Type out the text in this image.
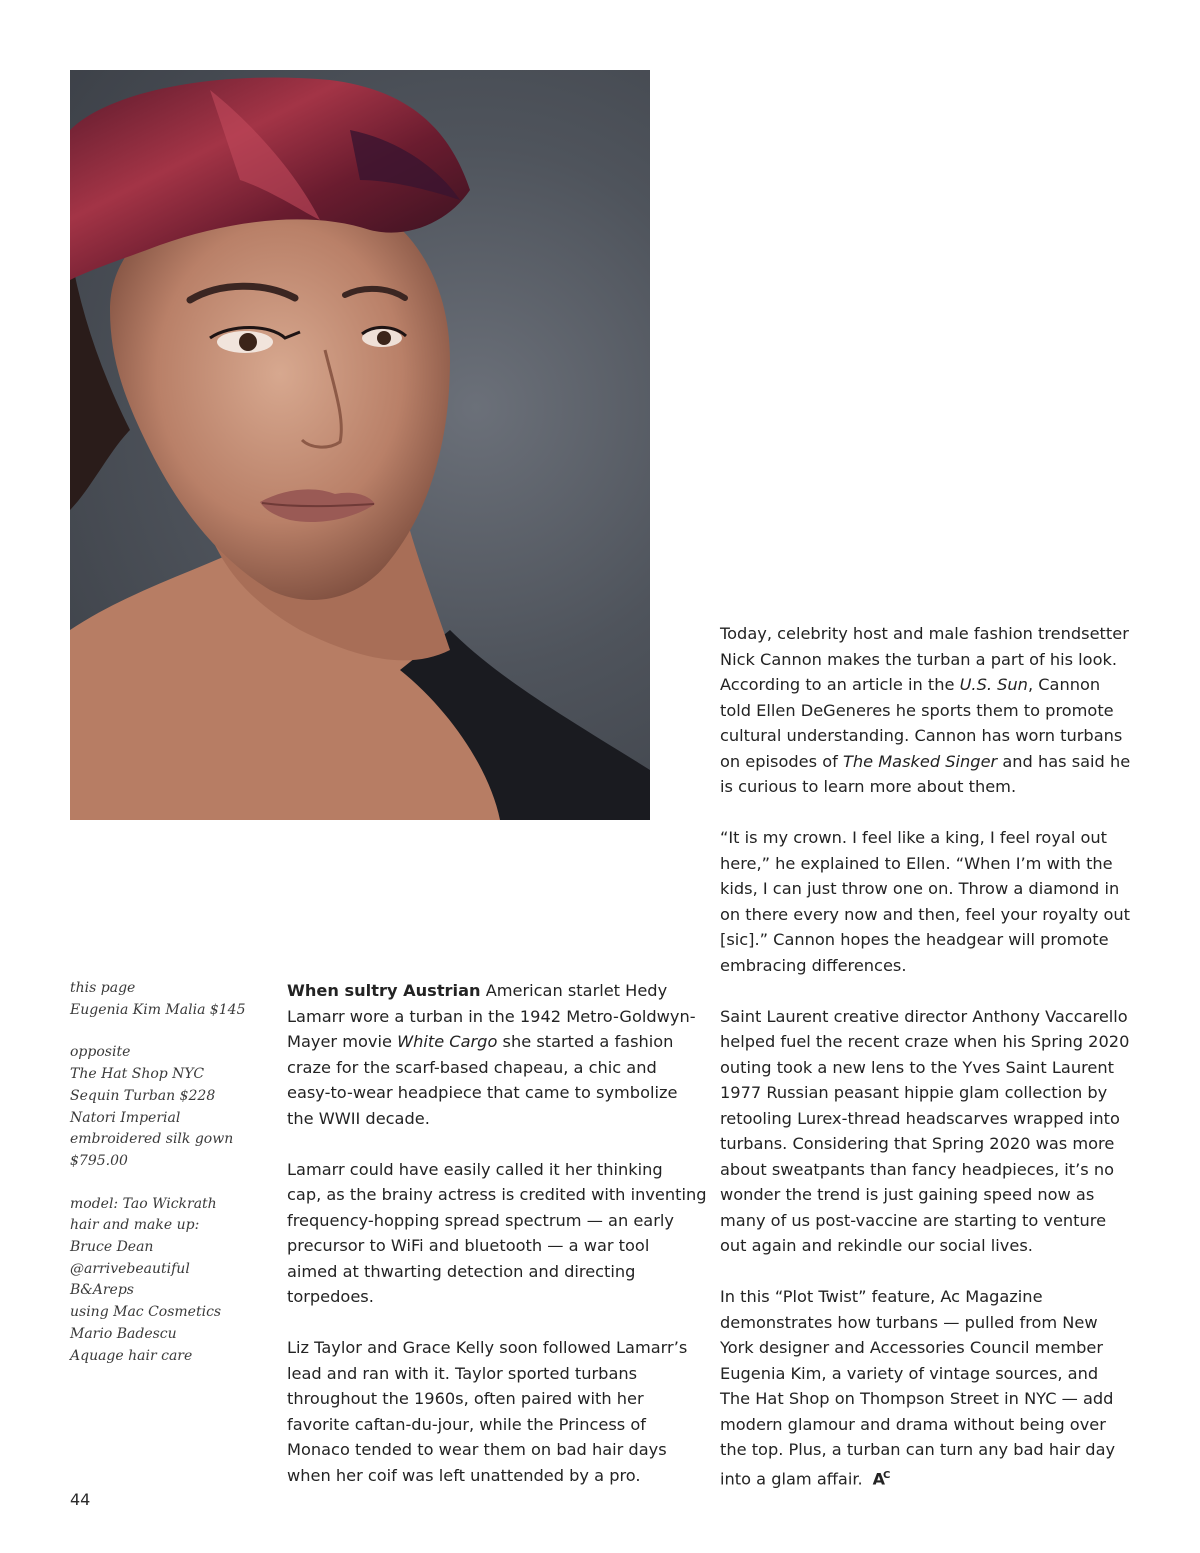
this page
Eugenia Kim Malia $145
opposite
The Hat Shop NYC
Sequin Turban $228
Natori Imperial
embroidered silk gown
$795.00
model: Tao Wickrath
hair and make up:
Bruce Dean
@arrivebeautiful
B&Areps
using Mac Cosmetics
Mario Badescu
Aquage hair care

When sultry Austrian American starlet Hedy
Lamarr wore a turban in the 1942 Metro-Goldwyn-
Mayer movie White Cargo she started a fashion
craze for the scarf-based chapeau, a chic and
easy-to-wear headpiece that came to symbolize
the WWII decade.

Lamarr could have easily called it her thinking
cap, as the brainy actress is credited with inventing
frequency-hopping spread spectrum — an early
precursor to WiFi and bluetooth — a war tool
aimed at thwarting detection and directing
torpedoes.

Liz Taylor and Grace Kelly soon followed Lamarr’s
lead and ran with it. Taylor sported turbans
throughout the 1960s, often paired with her
favorite caftan-du-jour, while the Princess of
Monaco tended to wear them on bad hair days
when her coif was left unattended by a pro.

Today, celebrity host and male fashion trendsetter
Nick Cannon makes the turban a part of his look.
According to an article in the U.S. Sun, Cannon
told Ellen DeGeneres he sports them to promote
cultural understanding. Cannon has worn turbans
on episodes of The Masked Singer and has said he
is curious to learn more about them.

“It is my crown. I feel like a king, I feel royal out
here,” he explained to Ellen. “When I’m with the
kids, I can just throw one on. Throw a diamond in
on there every now and then, feel your royalty out
[sic].” Cannon hopes the headgear will promote
embracing differences.

Saint Laurent creative director Anthony Vaccarello
helped fuel the recent craze when his Spring 2020
outing took a new lens to the Yves Saint Laurent
1977 Russian peasant hippie glam collection by
retooling Lurex-thread headscarves wrapped into
turbans. Considering that Spring 2020 was more
about sweatpants than fancy headpieces, it’s no
wonder the trend is just gaining speed now as
many of us post-vaccine are starting to venture
out again and rekindle our social lives.

In this “Plot Twist” feature, Ac Magazine
demonstrates how turbans — pulled from New
York designer and Accessories Council member
Eugenia Kim, a variety of vintage sources, and
The Hat Shop on Thompson Street in NYC — add
modern glamour and drama without being over
the top. Plus, a turban can turn any bad hair day
into a glam affair. $A^C$

44
